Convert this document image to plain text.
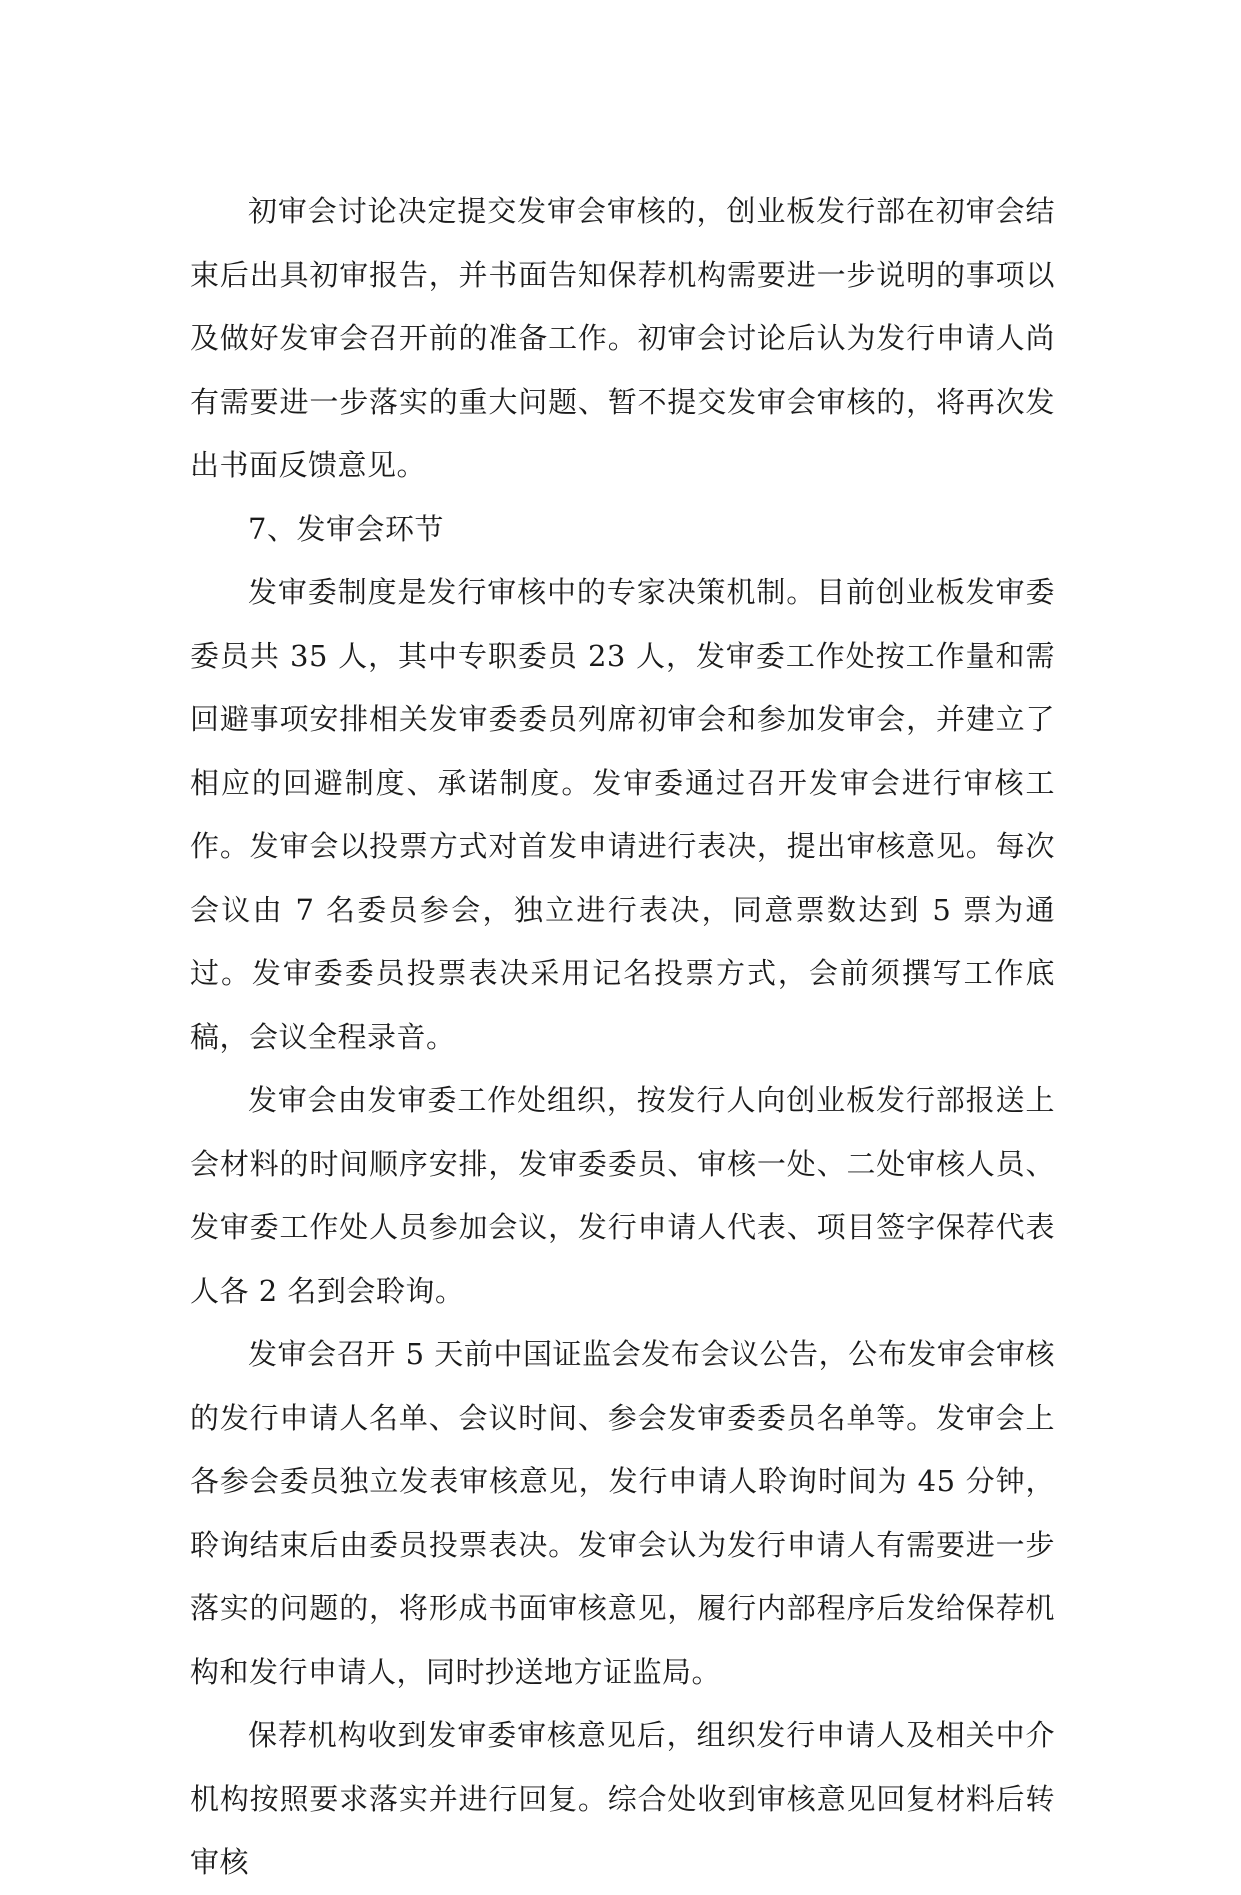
初审会讨论决定提交发审会审核的，创业板发行部在初审会结束后出具初审报告，并书面告知保荐机构需要进一步说明的事项以及做好发审会召开前的准备工作。初审会讨论后认为发行申请人尚有需要进一步落实的重大问题、暂不提交发审会审核的，将再次发出书面反馈意见。

7、发审会环节

发审委制度是发行审核中的专家决策机制。目前创业板发审委委员共 35 人，其中专职委员 23 人，发审委工作处按工作量和需回避事项安排相关发审委委员列席初审会和参加发审会，并建立了相应的回避制度、承诺制度。发审委通过召开发审会进行审核工作。发审会以投票方式对首发申请进行表决，提出审核意见。每次会议由 7 名委员参会，独立进行表决，同意票数达到 5 票为通过。发审委委员投票表决采用记名投票方式，会前须撰写工作底稿，会议全程录音。

发审会由发审委工作处组织，按发行人向创业板发行部报送上会材料的时间顺序安排，发审委委员、审核一处、二处审核人员、发审委工作处人员参加会议，发行申请人代表、项目签字保荐代表人各 2 名到会聆询。

发审会召开 5 天前中国证监会发布会议公告，公布发审会审核的发行申请人名单、会议时间、参会发审委委员名单等。发审会上各参会委员独立发表审核意见，发行申请人聆询时间为 45 分钟，聆询结束后由委员投票表决。发审会认为发行申请人有需要进一步落实的问题的，将形成书面审核意见，履行内部程序后发给保荐机构和发行申请人，同时抄送地方证监局。

保荐机构收到发审委审核意见后，组织发行申请人及相关中介机构按照要求落实并进行回复。综合处收到审核意见回复材料后转审核
